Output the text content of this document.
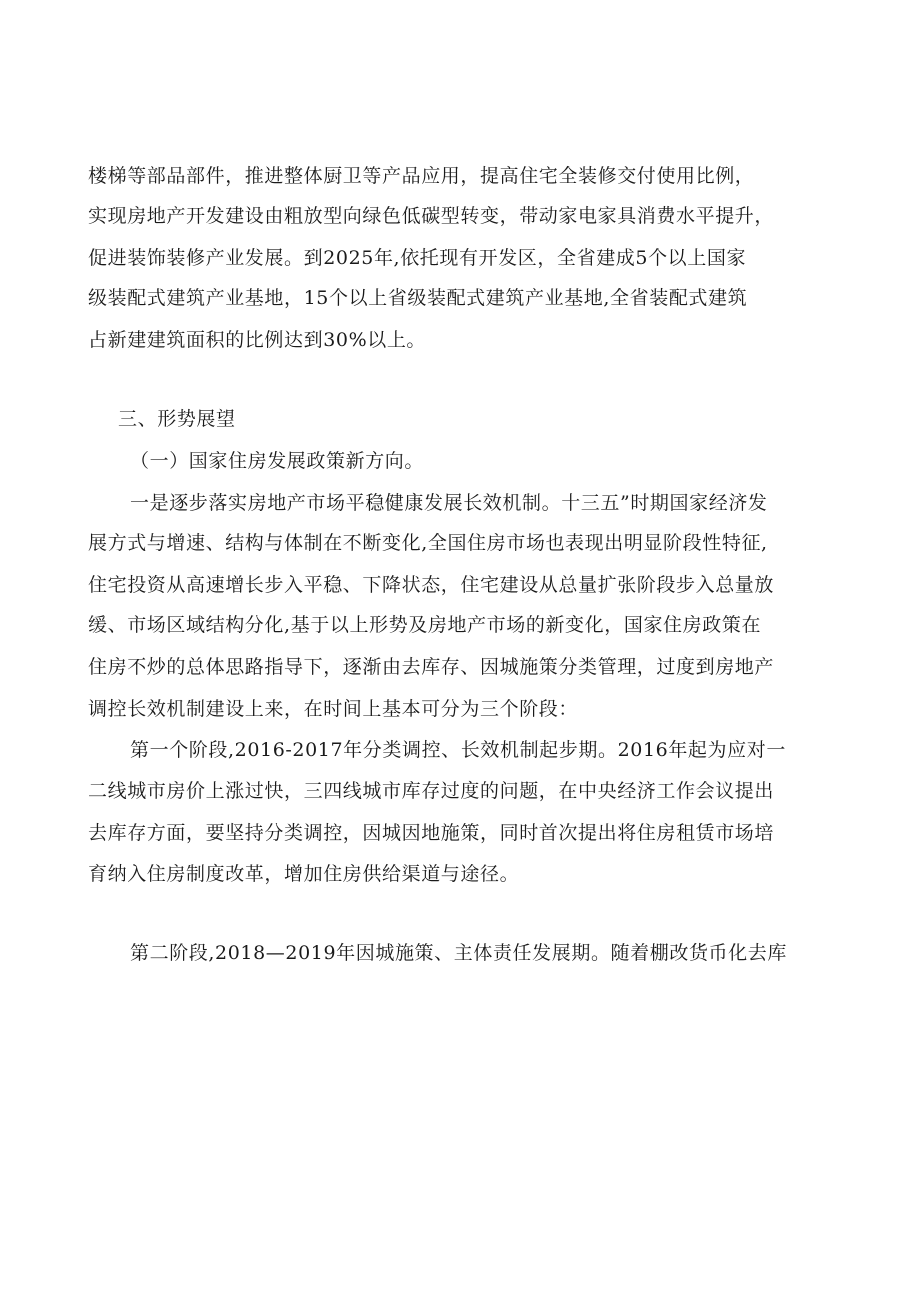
楼梯等部品部件，推进整体厨卫等产品应用，提高住宅全装修交付使用比例，
实现房地产开发建设由粗放型向绿色低碳型转变，带动家电家具消费水平提升，
促进装饰装修产业发展。到2025年,依托现有开发区，全省建成5个以上国家
级装配式建筑产业基地，15个以上省级装配式建筑产业基地,全省装配式建筑
占新建建筑面积的比例达到30%以上。
三、形势展望
（一）国家住房发展政策新方向。
一是逐步落实房地产市场平稳健康发展长效机制。十三五”时期国家经济发
展方式与增速、结构与体制在不断变化,全国住房市场也表现出明显阶段性特征,
住宅投资从高速增长步入平稳、下降状态，住宅建设从总量扩张阶段步入总量放
缓、市场区域结构分化,基于以上形势及房地产市场的新变化，国家住房政策在
住房不炒的总体思路指导下，逐渐由去库存、因城施策分类管理，过度到房地产
调控长效机制建设上来，在时间上基本可分为三个阶段：
第一个阶段,2016-2017年分类调控、长效机制起步期。2016年起为应对一
二线城市房价上涨过快，三四线城市库存过度的问题，在中央经济工作会议提出
去库存方面，要坚持分类调控，因城因地施策，同时首次提出将住房租赁市场培
育纳入住房制度改革，增加住房供给渠道与途径。
第二阶段,2018—2019年因城施策、主体责任发展期。随着棚改货币化去库
